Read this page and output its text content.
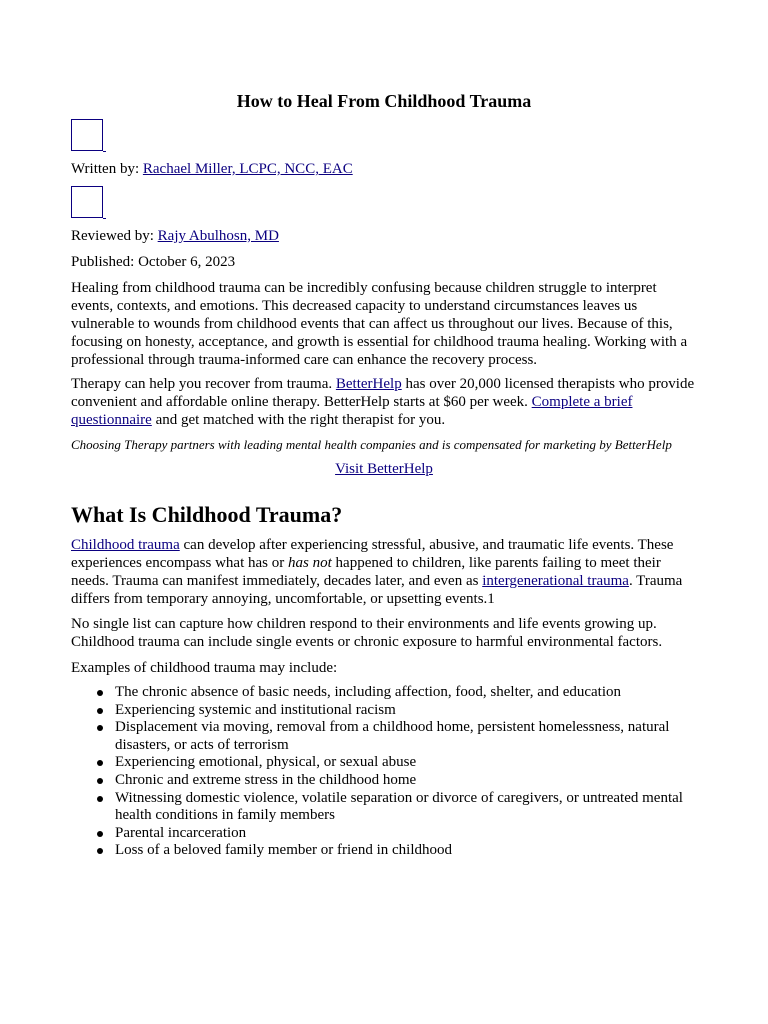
How to Heal From Childhood Trauma
Written by: Rachael Miller, LCPC, NCC, EAC
Reviewed by: Rajy Abulhosn, MD
Published: October 6, 2023

Healing from childhood trauma can be incredibly confusing because children struggle to interpret events, contexts, and emotions. This decreased capacity to understand circumstances leaves us vulnerable to wounds from childhood events that can affect us throughout our lives. Because of this, focusing on honesty, acceptance, and growth is essential for childhood trauma healing. Working with a professional through trauma-informed care can enhance the recovery process.

Therapy can help you recover from trauma. BetterHelp has over 20,000 licensed therapists who provide convenient and affordable online therapy. BetterHelp starts at $60 per week. Complete a brief questionnaire and get matched with the right therapist for you.

Choosing Therapy partners with leading mental health companies and is compensated for marketing by BetterHelp
Visit BetterHelp
What Is Childhood Trauma?

Childhood trauma can develop after experiencing stressful, abusive, and traumatic life events. These experiences encompass what has or has not happened to children, like parents failing to meet their needs. Trauma can manifest immediately, decades later, and even as intergenerational trauma. Trauma differs from temporary annoying, uncomfortable, or upsetting events.1

No single list can capture how children respond to their environments and life events growing up. Childhood trauma can include single events or chronic exposure to harmful environmental factors.

Examples of childhood trauma may include:

The chronic absence of basic needs, including affection, food, shelter, and education
Experiencing systemic and institutional racism
Displacement via moving, removal from a childhood home, persistent homelessness, natural disasters, or acts of terrorism
Experiencing emotional, physical, or sexual abuse
Chronic and extreme stress in the childhood home
Witnessing domestic violence, volatile separation or divorce of caregivers, or untreated mental health conditions in family members
Parental incarceration
Loss of a beloved family member or friend in childhood
